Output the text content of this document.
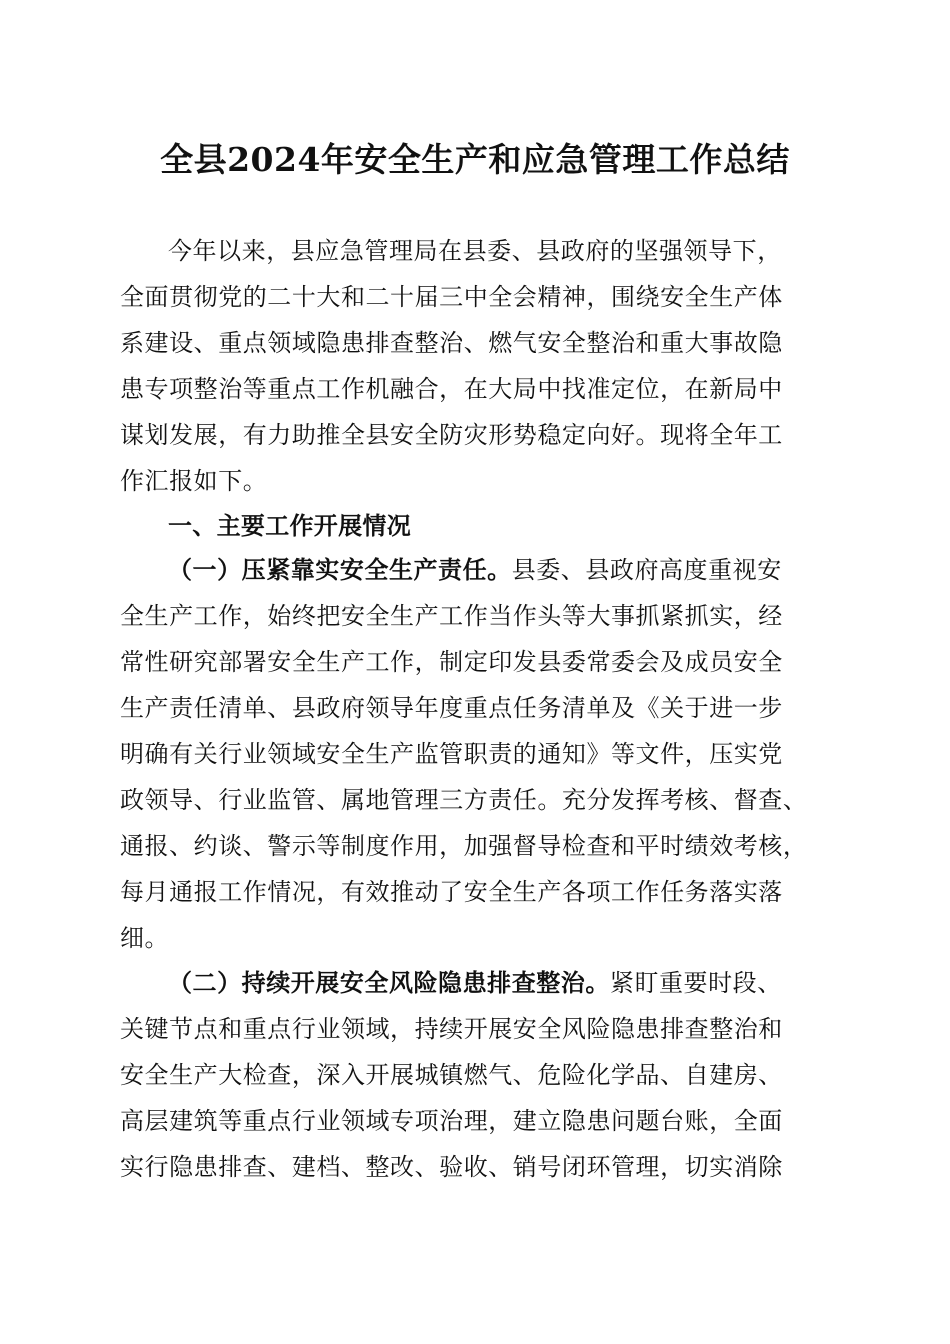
全县2024年安全生产和应急管理工作总结
今年以来，县应急管理局在县委、县政府的坚强领导下，
全面贯彻党的二十大和二十届三中全会精神，围绕安全生产体
系建设、重点领域隐患排查整治、燃气安全整治和重大事故隐
患专项整治等重点工作机融合，在大局中找准定位，在新局中
谋划发展，有力助推全县安全防灾形势稳定向好。现将全年工
作汇报如下。
一、主要工作开展情况
（一）压紧靠实安全生产责任。县委、县政府高度重视安
全生产工作，始终把安全生产工作当作头等大事抓紧抓实，经
常性研究部署安全生产工作，制定印发县委常委会及成员安全
生产责任清单、县政府领导年度重点任务清单及《关于进一步
明确有关行业领域安全生产监管职责的通知》等文件，压实党
政领导、行业监管、属地管理三方责任。充分发挥考核、督查、
通报、约谈、警示等制度作用，加强督导检查和平时绩效考核，
每月通报工作情况，有效推动了安全生产各项工作任务落实落
细。
（二）持续开展安全风险隐患排查整治。紧盯重要时段、
关键节点和重点行业领域，持续开展安全风险隐患排查整治和
安全生产大检查，深入开展城镇燃气、危险化学品、自建房、
高层建筑等重点行业领域专项治理，建立隐患问题台账，全面
实行隐患排查、建档、整改、验收、销号闭环管理，切实消除
